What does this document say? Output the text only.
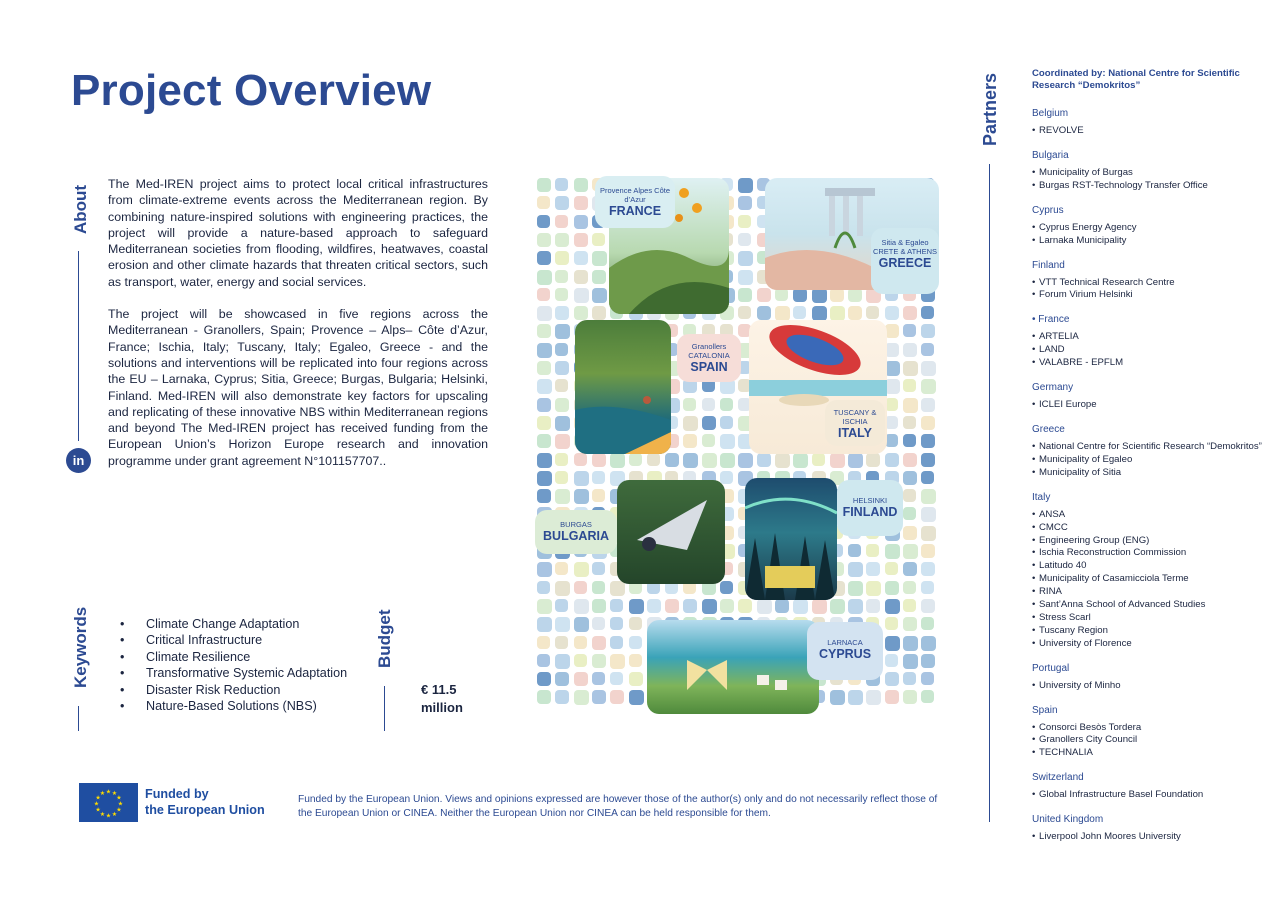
Project Overview
About

The Med-IREN project aims to protect local critical infrastructures from climate-extreme events across the Mediterranean region. By combining nature-inspired solutions with engineering practices, the project will provide a nature-based approach to safeguard Mediterranean societies from flooding, wildfires, heatwaves, coastal erosion and other climate hazards that threaten critical sectors, such as transport, water, energy and social services.

The project will be showcased in five regions across the Mediterranean - Granollers, Spain; Provence – Alps– Côte d’Azur, France; Ischia, Italy; Tuscany, Italy; Egaleo, Greece - and the solutions and interventions will be replicated into four regions across the EU – Larnaka, Cyprus; Sitia, Greece; Burgas, Bulgaria; Helsinki, Finland. Med-IREN will also demonstrate key factors for upscaling and replicating of these innovative NBS within Mediterranean regions and beyond The Med-IREN project has received funding from the European Union’s Horizon Europe research and innovation programme under grant agreement N°101157707..

in
Keywords
•	Climate Change Adaptation
• Critical Infrastructure
• Climate Resilience
• Transformative Systemic Adaptation
• Disaster Risk Reduction
• Nature-Based Solutions (NBS)
Budget
€ 11.5
million
Provence Alpes Côte d’Azur
FRANCE
Sitia & Egaleo
CRETE & ATHENS
GREECE
Granollers
CATALONIA
SPAIN
TUSCANY & ISCHIA
ITALY
HELSINKI
FINLAND
BURGAS
BULGARIA
LARNACA
CYPRUS
★
★
★
★
★
★
★
★
★ ★ ★
★ Funded by
the European Union
Funded by the European Union. Views and opinions expressed are however those of the author(s) only and do not necessarily reflect those of the European Union or CINEA. Neither the European Union nor CINEA can be held responsible for them.
Partners	Coordinated by: National Centre for Scientific Research “Demokritos”
Belgium
• REVOLVE
Bulgaria
• Municipality of Burgas
• Burgas RST-Technology Transfer Office
Cyprus
• Cyprus Energy Agency
• Larnaka Municipality
Finland
• VTT Technical Research Centre
• Forum Virium Helsinki
• France
• ARTELIA
• LAND
• VALABRE - EPFLM
Germany
• ICLEI Europe
Greece
• National Centre for Scientific Research “Demokritos”
• Municipality of Egaleo
• Municipality of Sitia
Italy
• ANSA
• CMCC
• Engineering Group (ENG)
• Ischia Reconstruction Commission
• Latitudo 40
• Municipality of Casamicciola Terme
• RINA
• Sant’Anna School of Advanced Studies
• Stress Scarl
• Tuscany Region
• University of Florence
Portugal
• University of Minho
Spain
• Consorci Besòs Tordera
• Granollers City Council
• TECHNALIA
Switzerland
• Global Infrastructure Basel Foundation
United Kingdom
• Liverpool John Moores University
